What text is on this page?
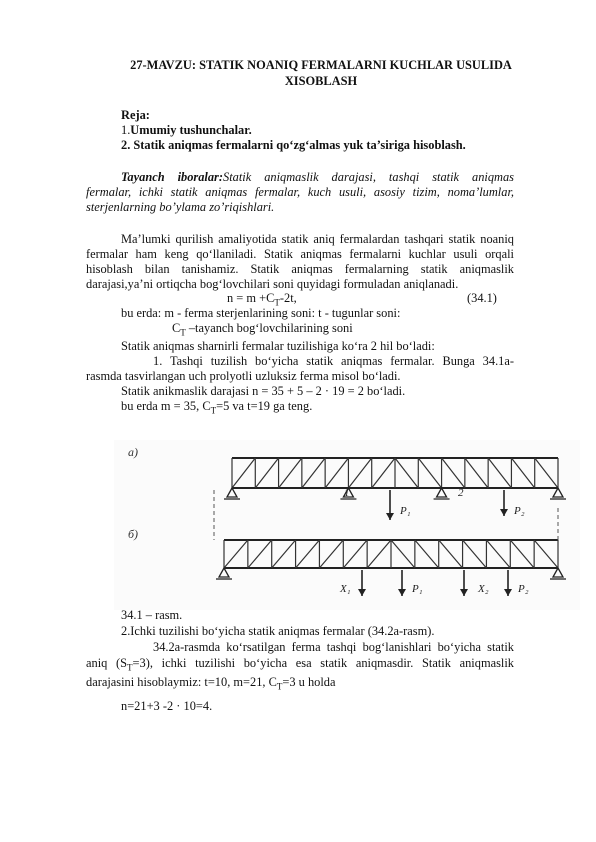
27-MAVZU: STATIK NOANIQ FERMALARNI KUCHLAR USULIDA
XISOBLASH
Reja:
1.Umumiy tushunchalar.
2. Statik aniqmas fermalarni qo‘zg‘almas yuk ta’siriga hisoblash.
Tayanch iboralar:Statik aniqmaslik darajasi, tashqi statik aniqmas
fermalar, ichki statik aniqmas fermalar, kuch usuli, asosiy tizim, noma’lumlar,
sterjenlarning bo’ylama zo’riqishlari.
Ma’lumki qurilish amaliyotida statik aniq fermalardan tashqari statik noaniq
fermalar ham keng qo‘llaniladi. Statik aniqmas fermalarni kuchlar usuli orqali
hisoblash bilan tanishamiz. Statik aniqmas fermalarning statik aniqmaslik
darajasi,ya’ni ortiqcha bog‘lovchilari soni quyidagi formuladan aniqlanadi.
$n = m +C_T-2t$,	(34.1)
bu erda: m - ferma sterjenlarining soni: t - tugunlar soni:
$C_T$ –tayanch bog‘lovchilarining soni
Statik aniqmas sharnirli fermalar tuzilishiga ko‘ra 2 hil bo‘ladi:
1. Tashqi tuzilish bo‘yicha statik aniqmas fermalar. Bunga 34.1a-
rasmda tasvirlangan uch prolyotli uzluksiz ferma misol bo‘ladi.
Statik anikmaslik darajasi n = 35 + 5 – 2 · 19 = 2 bo‘ladi.
bu erda m = 35, $C_T=5$ va t=19 ga teng.
a)
б)
1
P₁
2
P₂
X₁	P₁	X₂	P₂
34.1 – rasm.
2.Ichki tuzilishi bo‘yicha statik aniqmas fermalar (34.2a-rasm).
34.2a-rasmda ko‘rsatilgan ferma tashqi bog‘lanishlari bo‘yicha statik
aniq $(S_T=3)$, ichki tuzilishi bo‘yicha esa statik aniqmasdir. Statik aniqmaslik
darajasini hisoblaymiz: t=10, m=21, $C_T=3$ u holda
n=21+3 -2 · 10=4.
